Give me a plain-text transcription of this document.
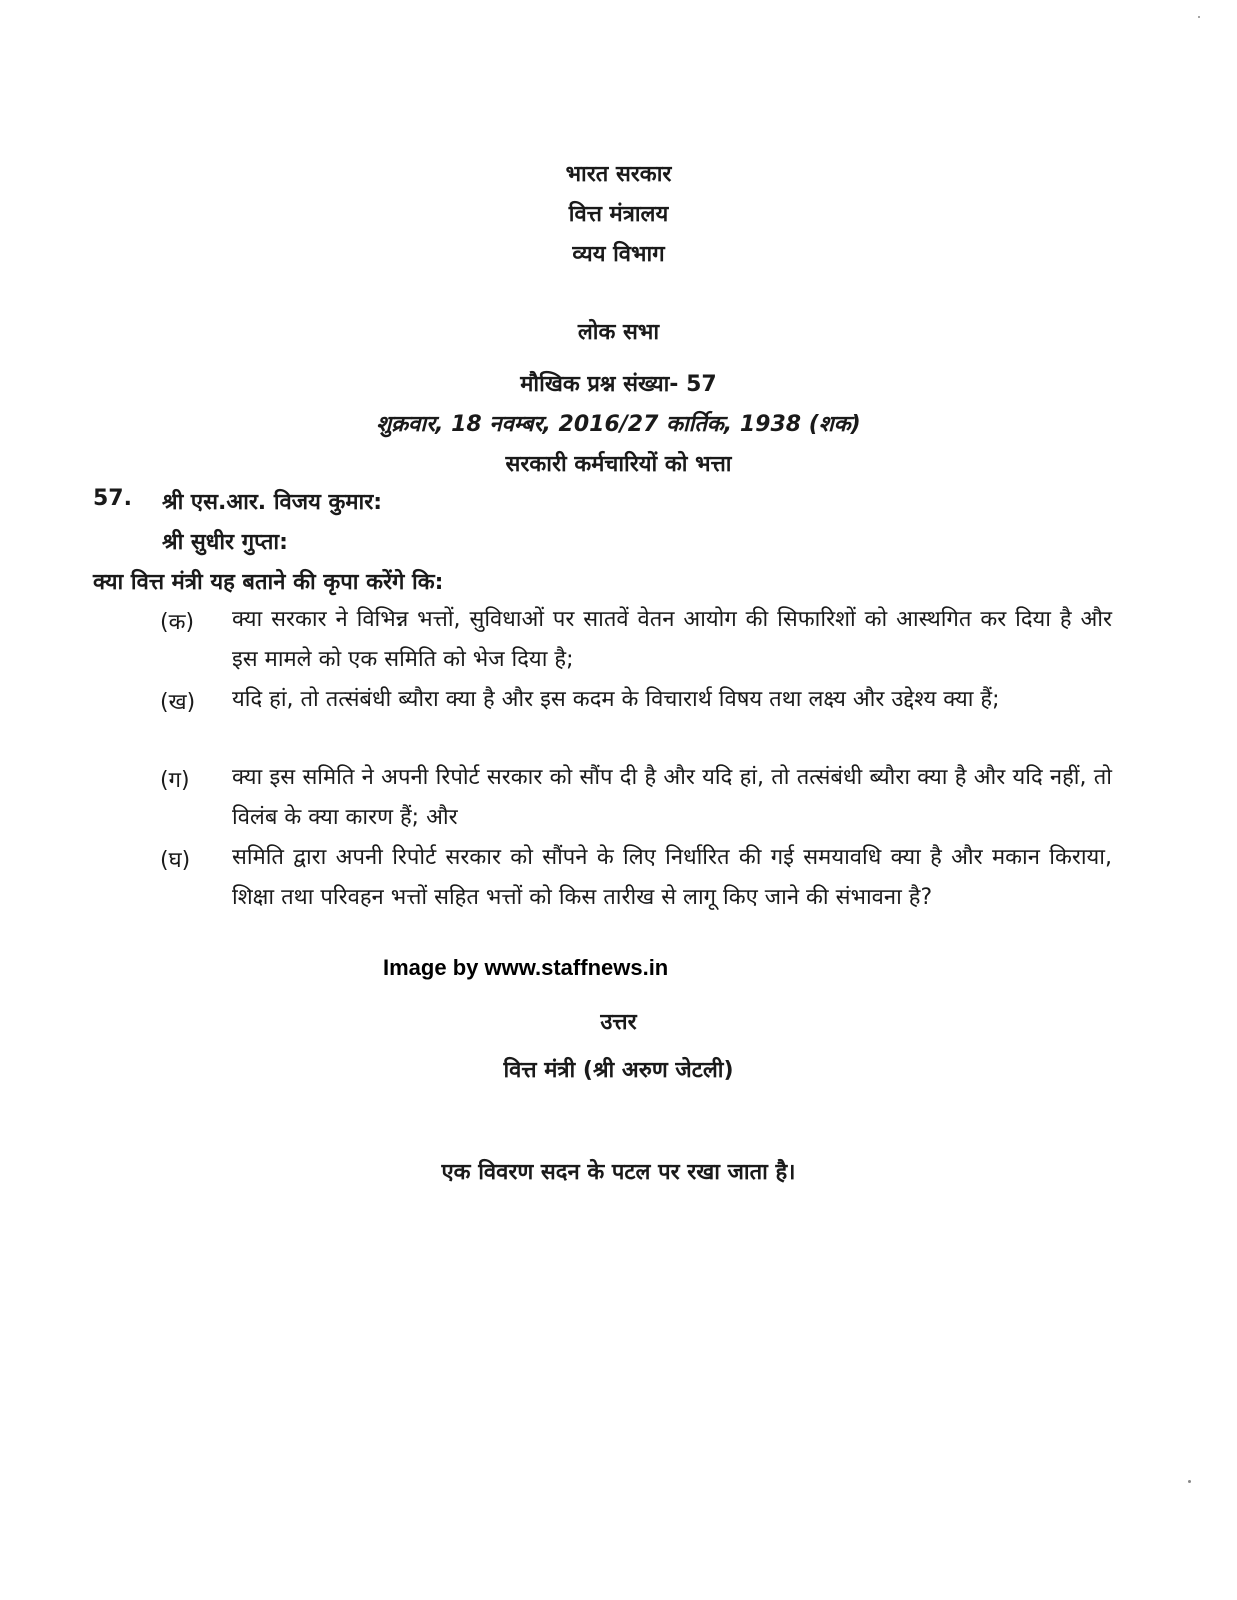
भारत सरकार
वित्त मंत्रालय
व्यय विभाग
लोक सभा
मौखिक प्रश्न संख्या- 57
शुक्रवार, 18 नवम्बर, 2016/27 कार्तिक, 1938 (शक)
सरकारी कर्मचारियों को भत्ता
57. श्री एस.आर. विजय कुमार:
श्री सुधीर गुप्ता:
क्या वित्त मंत्री यह बताने की कृपा करेंगे कि:
(क) क्या सरकार ने विभिन्न भत्तों, सुविधाओं पर सातवें वेतन आयोग की सिफारिशों को आस्थगित कर दिया है और इस मामले को एक समिति को भेज दिया है;
(ख) यदि हां, तो तत्संबंधी ब्यौरा क्या है और इस कदम के विचारार्थ विषय तथा लक्ष्य और उद्देश्य क्या हैं;
(ग) क्या इस समिति ने अपनी रिपोर्ट सरकार को सौंप दी है और यदि हां, तो तत्संबंधी ब्यौरा क्या है और यदि नहीं, तो विलंब के क्या कारण हैं; और
(घ) समिति द्वारा अपनी रिपोर्ट सरकार को सौंपने के लिए निर्धारित की गई समयावधि क्या है और मकान किराया, शिक्षा तथा परिवहन भत्तों सहित भत्तों को किस तारीख से लागू किए जाने की संभावना है?
Image by www.staffnews.in
उत्तर
वित्त मंत्री (श्री अरुण जेटली)
एक विवरण सदन के पटल पर रखा जाता है।
